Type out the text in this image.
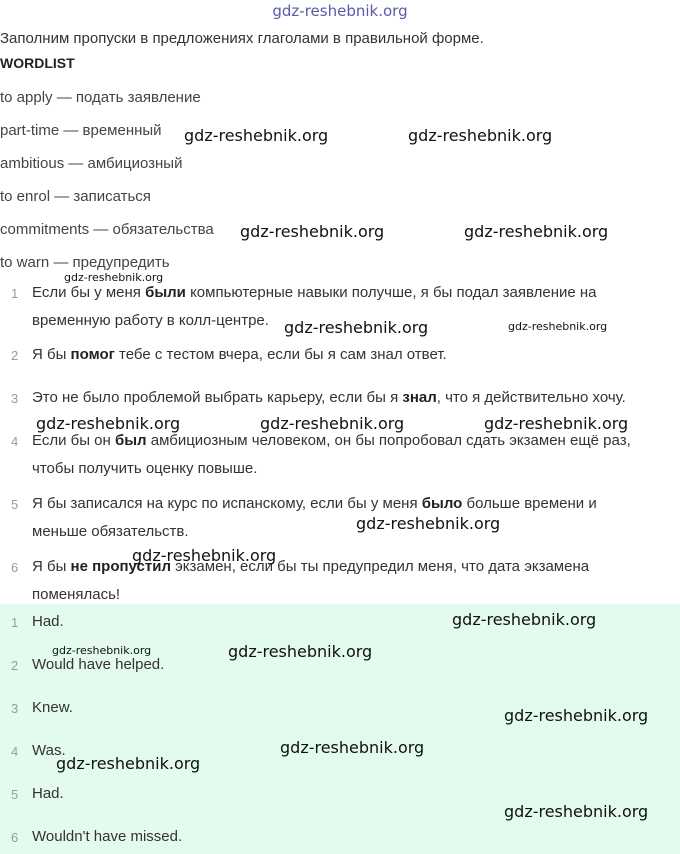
gdz-reshebnik.org
Заполним пропуски в предложениях глаголами в правильной форме.
WORDLIST
to apply — подать заявление
part-time — временный
ambitious — амбициозный
to enrol — записаться
commitments — обязательства
to warn — предупредить
1 Если бы у меня были компьютерные навыки получше, я бы подал заявление на
временную работу в колл-центре.
2 Я бы помог тебе с тестом вчера, если бы я сам знал ответ.
3 Это не было проблемой выбрать карьеру, если бы я знал, что я действительно хочу.
4 Если бы он был амбициозным человеком, он бы попробовал сдать экзамен ещё раз,
чтобы получить оценку повыше.
5 Я бы записался на курс по испанскому, если бы у меня было больше времени и
меньше обязательств.
6 Я бы не пропустил экзамен, если бы ты предупредил меня, что дата экзамена
поменялась!
1 Had.
2 Would have helped.
3 Knew.
4 Was.
5 Had.
6 Wouldn't have missed.
gdz-reshebnik.org	gdz-reshebnik.org
gdz-reshebnik.org	gdz-reshebnik.org
gdz-reshebnik.org
gdz-reshebnik.org	gdz-reshebnik.org
gdz-reshebnik.org	gdz-reshebnik.org	gdz-reshebnik.org
gdz-reshebnik.org
gdz-reshebnik.org
gdz-reshebnik.org
gdz-reshebnik.org	gdz-reshebnik.org
gdz-reshebnik.org
gdz-reshebnik.org
gdz-reshebnik.org
gdz-reshebnik.org
